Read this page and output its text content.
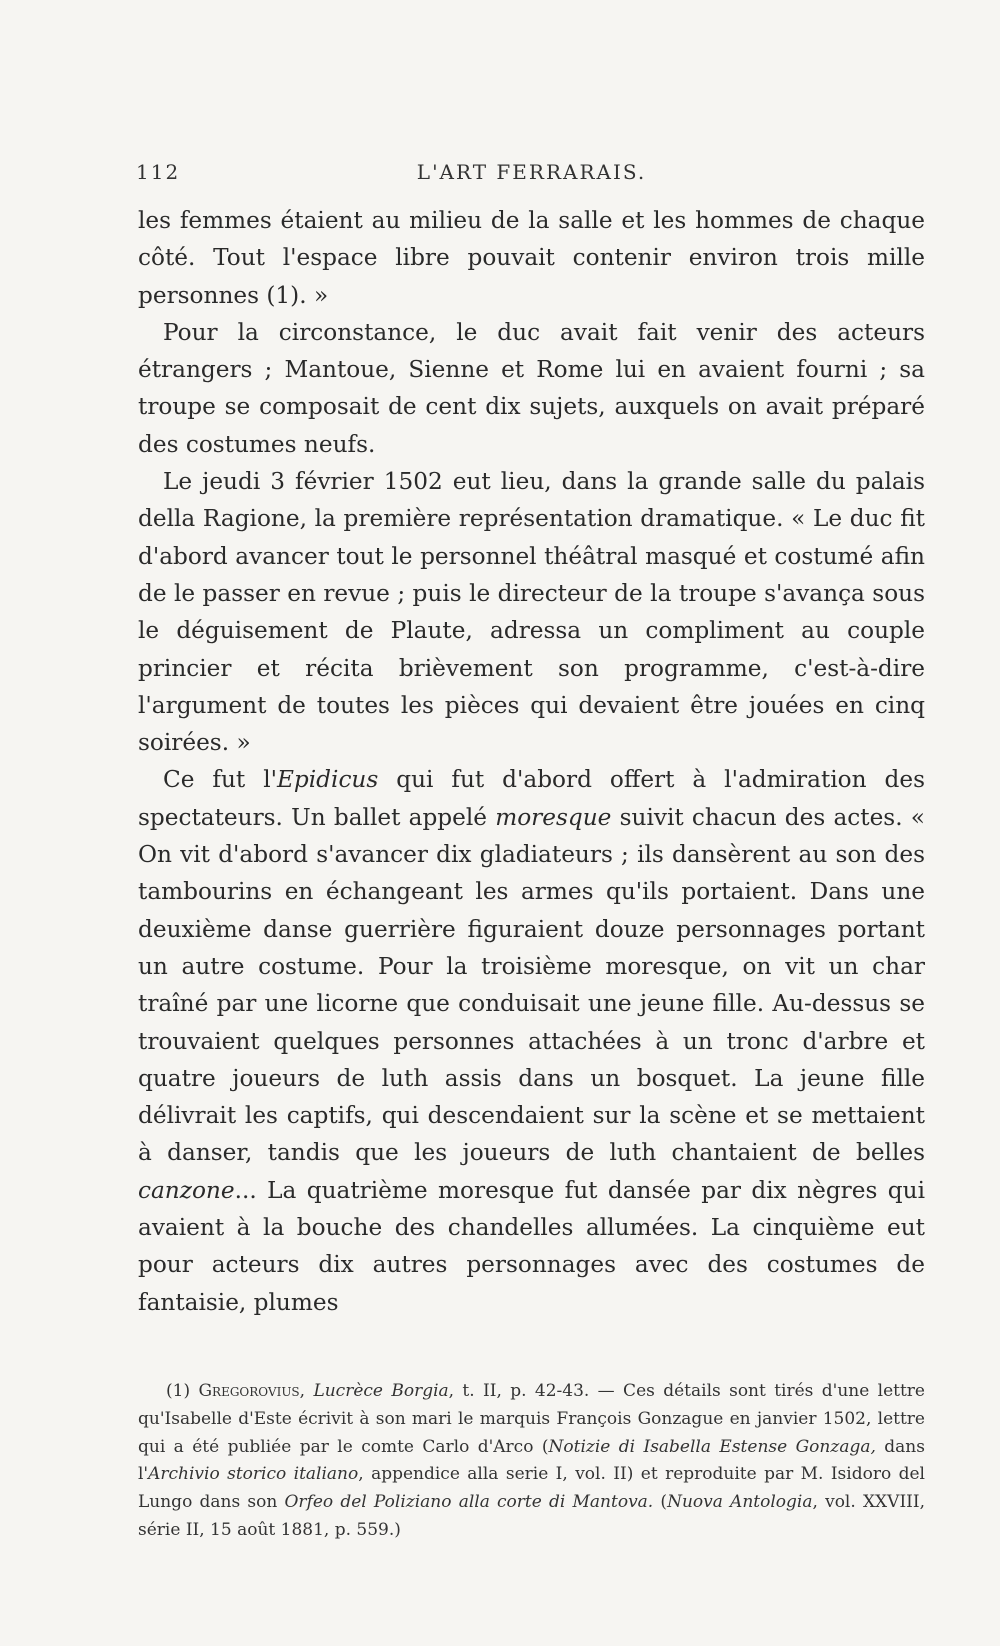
112	L'ART FERRARAIS.

les femmes étaient au milieu de la salle et les hommes de chaque côté. Tout l'espace libre pouvait contenir environ trois mille personnes (1). »

Pour la circonstance, le duc avait fait venir des acteurs étrangers ; Mantoue, Sienne et Rome lui en avaient fourni ; sa troupe se composait de cent dix sujets, auxquels on avait préparé des costumes neufs.

Le jeudi 3 février 1502 eut lieu, dans la grande salle du palais della Ragione, la première représentation dramatique. « Le duc fit d'abord avancer tout le personnel théâtral masqué et costumé afin de le passer en revue ; puis le directeur de la troupe s'avança sous le déguisement de Plaute, adressa un compliment au couple princier et récita brièvement son programme, c'est-à-dire l'argument de toutes les pièces qui devaient être jouées en cinq soirées. »

Ce fut l'Epidicus qui fut d'abord offert à l'admiration des spectateurs. Un ballet appelé moresque suivit chacun des actes. « On vit d'abord s'avancer dix gladiateurs ; ils dansèrent au son des tambourins en échangeant les armes qu'ils portaient. Dans une deuxième danse guerrière figuraient douze personnages portant un autre costume. Pour la troisième moresque, on vit un char traîné par une licorne que conduisait une jeune fille. Au-dessus se trouvaient quelques personnes attachées à un tronc d'arbre et quatre joueurs de luth assis dans un bosquet. La jeune fille délivrait les captifs, qui descendaient sur la scène et se mettaient à danser, tandis que les joueurs de luth chantaient de belles canzone... La quatrième moresque fut dansée par dix nègres qui avaient à la bouche des chandelles allumées. La cinquième eut pour acteurs dix autres personnages avec des costumes de fantaisie, plumes

(1) Gregorovius, Lucrèce Borgia, t. II, p. 42-43. — Ces détails sont tirés d'une lettre qu'Isabelle d'Este écrivit à son mari le marquis François Gonzague en janvier 1502, lettre qui a été publiée par le comte Carlo d'Arco (Notizie di Isabella Estense Gonzaga, dans l'Archivio storico italiano, appendice alla serie I, vol. II) et reproduite par M. Isidoro del Lungo dans son Orfeo del Poliziano alla corte di Mantova. (Nuova Antologia, vol. XXVIII, série II, 15 août 1881, p. 559.)
